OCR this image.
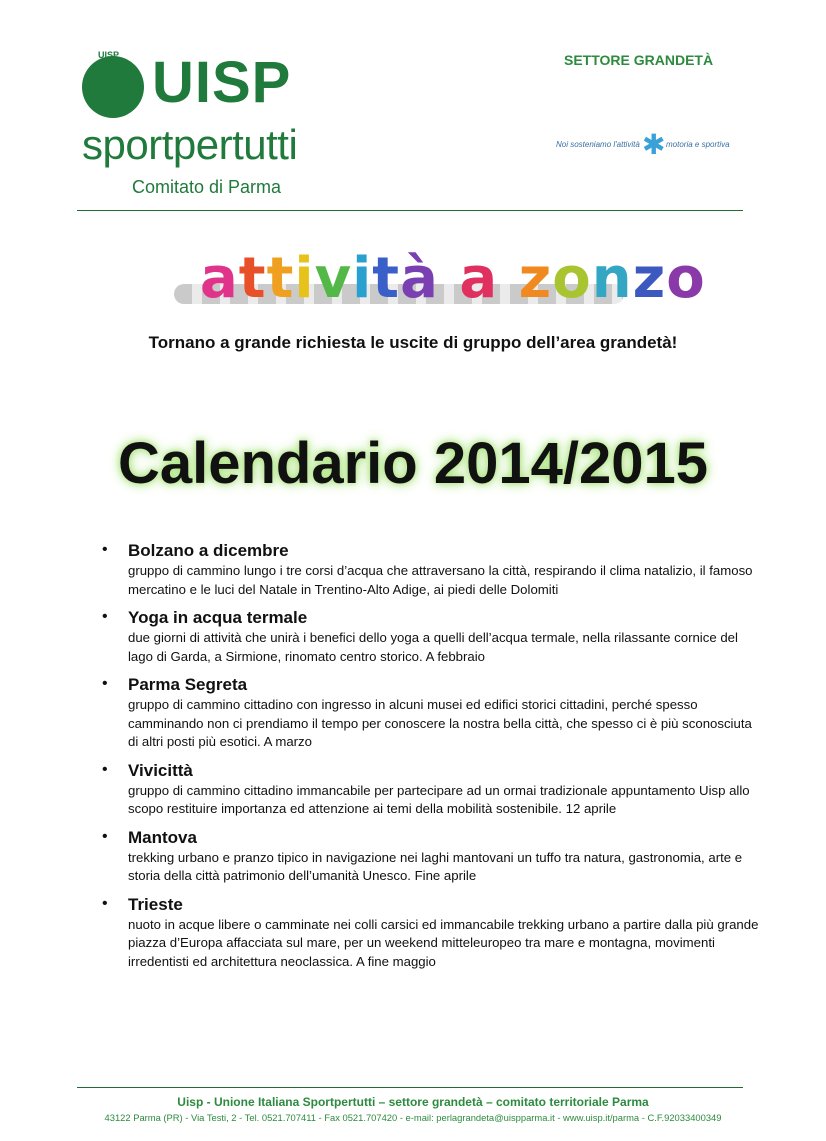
UISP UISP
sportpertutti
Comitato di Parma
SETTORE GRANDETÀ
Noi sosteniamo l'attività ✱ motoria e sportiva
attività a zonzo
Tornano a grande richiesta le uscite di gruppo dell’area grandetà!
Calendario 2014/2015
• Bolzano a dicembre
gruppo di cammino lungo i tre corsi d’acqua che attraversano la città, respirando il clima natalizio, il famoso mercatino e le luci del Natale in Trentino-Alto Adige, ai piedi delle Dolomiti
• Yoga in acqua termale
due giorni di attività che unirà i benefici dello yoga a quelli dell’acqua termale, nella rilassante cornice del lago di Garda, a Sirmione, rinomato centro storico. A febbraio
• Parma Segreta
gruppo di cammino cittadino con ingresso in alcuni musei ed edifici storici cittadini, perché spesso camminando non ci prendiamo il tempo per conoscere la nostra bella città, che spesso ci è più sconosciuta di altri posti più esotici. A marzo
• Vivicittà
gruppo di cammino cittadino immancabile per partecipare ad un ormai tradizionale appuntamento Uisp allo scopo restituire importanza ed attenzione ai temi della mobilità sostenibile. 12 aprile
• Mantova
trekking urbano e pranzo tipico in navigazione nei laghi mantovani un tuffo tra natura, gastronomia, arte e storia della città patrimonio dell’umanità Unesco. Fine aprile
• Trieste
nuoto in acque libere o camminate nei colli carsici ed immancabile trekking urbano a partire dalla più grande piazza d’Europa affacciata sul mare, per un weekend mitteleuropeo tra mare e montagna, movimenti irredentisti ed architettura neoclassica. A fine maggio
Uisp - Unione Italiana Sportpertutti – settore grandetà – comitato territoriale Parma
43122 Parma (PR) - Via Testi, 2 - Tel. 0521.707411 - Fax 0521.707420 - e-mail: perlagrandeta@uispparma.it - www.uisp.it/parma - C.F.92033400349
